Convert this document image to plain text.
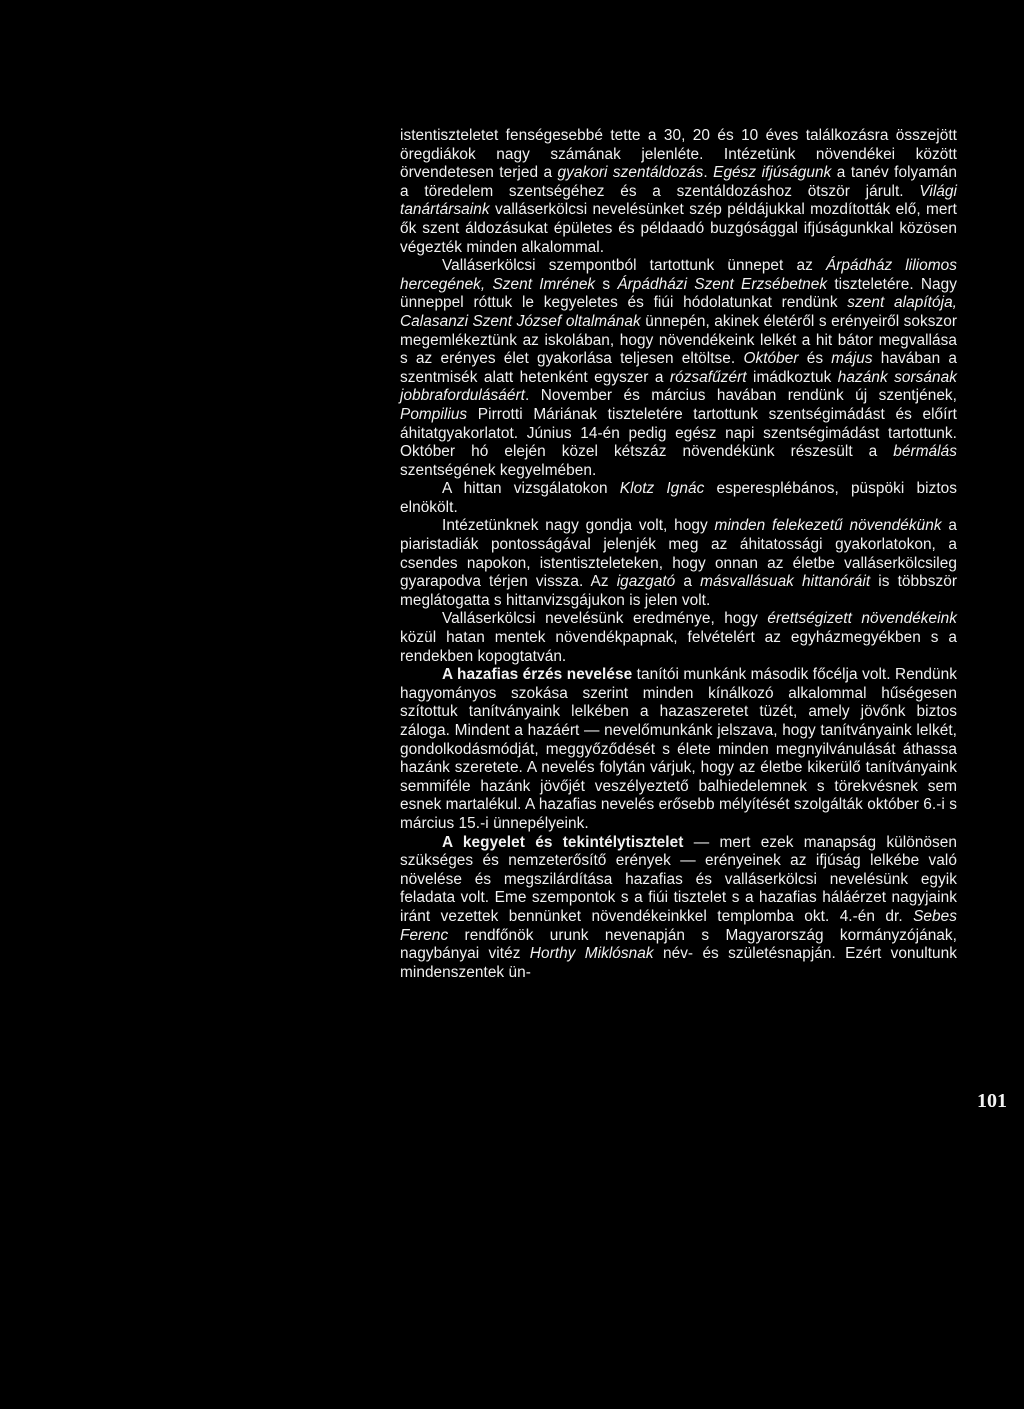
istentiszteletet fenségesebbé tette a 30, 20 és 10 éves találkozásra összejött öregdiákok nagy számának jelenléte. Intézetünk növendékei között örvendetesen terjed a gyakori szentáldozás. Egész ifjúságunk a tanév folyamán a töredelem szentségéhez és a szentáldozáshoz ötször járult. Világi tanártársaink valláserkölcsi nevelésünket szép példájukkal mozdították elő, mert ők szent áldozásukat épületes és példaadó buzgósággal ifjúságunkkal közösen végezték minden alkalommal.

Valláserkölcsi szempontból tartottunk ünnepet az Árpádház liliomos hercegének, Szent Imrének s Árpádházi Szent Erzsébetnek tiszteletére. Nagy ünneppel róttuk le kegyeletes és fiúi hódolatunkat rendünk szent alapítója, Calasanzi Szent József oltalmának ünnepén, akinek életéről s erényeiről sokszor megemlékeztünk az iskolában, hogy növendékeink lelkét a hit bátor megvallása s az erényes élet gyakorlása teljesen eltöltse. Október és május havában a szentmisék alatt hetenként egyszer a rózsafűzért imádkoztuk hazánk sorsának jobbrafordulásáért. November és március havában rendünk új szentjének, Pompilius Pirrotti Máriának tiszteletére tartottunk szentségimádást és előírt áhitatgyakorlatot. Június 14-én pedig egész napi szentségimádást tartottunk. Október hó elején közel kétszáz növendékünk részesült a bérmálás szentségének kegyelmében.

A hittan vizsgálatokon Klotz Ignác esperesplébános, püspöki biztos elnökölt.

Intézetünknek nagy gondja volt, hogy minden felekezetű növendékünk a piaristadiák pontosságával jelenjék meg az áhitatossági gyakorlatokon, a csendes napokon, istentiszteleteken, hogy onnan az életbe valláserkölcsileg gyarapodva térjen vissza. Az igazgató a másvallásuak hittanóráit is többször meglátogatta s hittanvizsgájukon is jelen volt.

Valláserkölcsi nevelésünk eredménye, hogy érettségizett növendékeink közül hatan mentek növendékpapnak, felvételért az egyházmegyékben s a rendekben kopogtatván.

A hazafias érzés nevelése tanítói munkánk második főcélja volt. Rendünk hagyományos szokása szerint minden kínálkozó alkalommal hűségesen szítottuk tanítványaink lelkében a hazaszeretet tüzét, amely jövőnk biztos záloga. Mindent a hazáért — nevelőmunkánk jelszava, hogy tanítványaink lelkét, gondolkodásmódját, meggyőződését s élete minden megnyilvánulását áthassa hazánk szeretete. A nevelés folytán várjuk, hogy az életbe kikerülő tanítványaink semmiféle hazánk jövőjét veszélyeztető balhiedelemnek s törekvésnek sem esnek martalékul. A hazafias nevelés erősebb mélyítését szolgálták október 6.-i s március 15.-i ünnepélyeink.

A kegyelet és tekintélytisztelet — mert ezek manapság különösen szükséges és nemzeterősítő erények — erényeinek az ifjúság lelkébe való növelése és megszilárdítása hazafias és valláserkölcsi nevelésünk egyik feladata volt. Eme szempontok s a fiúi tisztelet s a hazafias háláérzet nagyjaink iránt vezettek bennünket növendékeinkkel templomba okt. 4.-én dr. Sebes Ferenc rendfőnök urunk nevenapján s Magyarország kormányzójának, nagybányai vitéz Horthy Miklósnak név- és születésnapján. Ezért vonultunk mindenszentek ün-

101
